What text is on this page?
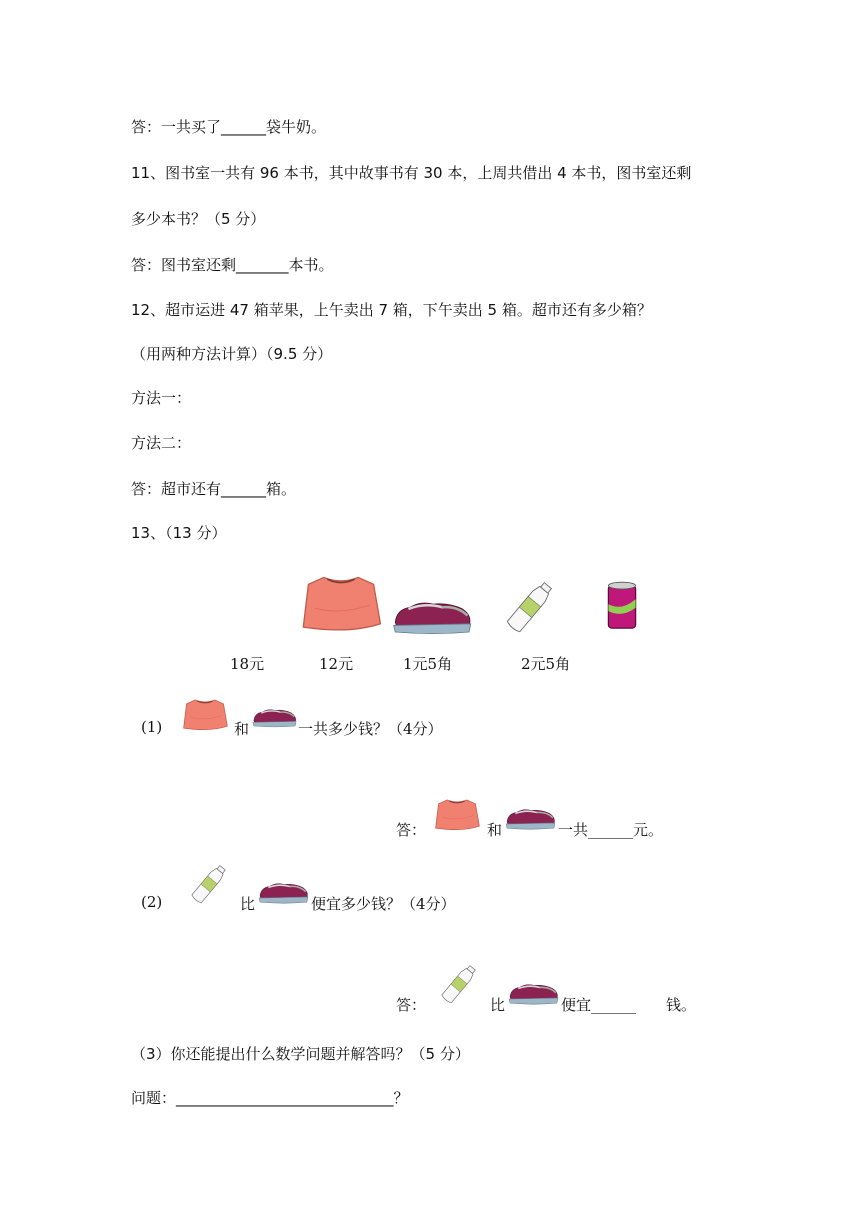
答：一共买了______袋牛奶。
11、图书室一共有 96 本书，其中故事书有 30 本，上周共借出 4 本书，图书室还剩
多少本书？（5 分）
答：图书室还剩_______本书。
12、超市运进 47 箱苹果，上午卖出 7 箱，下午卖出 5 箱。超市还有多少箱？
（用两种方法计算）（9.5 分）
方法一：
方法二：
答：超市还有______箱。
13、（13 分）
18元	12元	1元5角	2元5角
(1)	和	一共多少钱？（4分）
答：	和	一共______元。
(2)	比	便宜多少钱？（4分）
答：	比	便宜______ 钱。
（3）你还能提出什么数学问题并解答吗？（5 分）
问题：_____________________________？
